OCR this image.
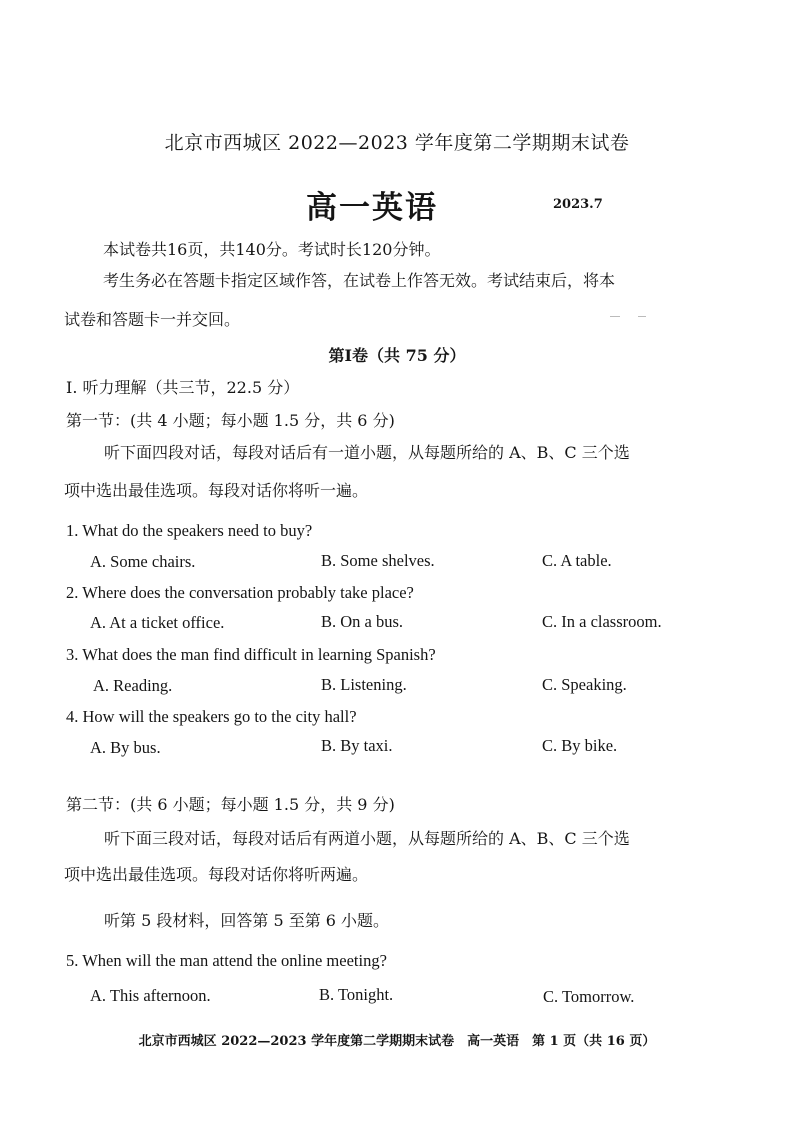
北京市西城区 2022—2023 学年度第二学期期末试卷
高一英语	2023.7
本试卷共16页，共140分。考试时长120分钟。
考生务必在答题卡指定区域作答，在试卷上作答无效。考试结束后，将本
试卷和答题卡一并交回。
第Ⅰ卷（共 75 分）
I. 听力理解（共三节，22.5 分）
第一节：(共 4 小题；每小题 1.5 分，共 6 分)
听下面四段对话，每段对话后有一道小题，从每题所给的 A、B、C 三个选
项中选出最佳选项。每段对话你将听一遍。
1. What do the speakers need to buy?
A. Some chairs.	B. Some shelves.	C. A table.
2. Where does the conversation probably take place?
A. At a ticket office.	B. On a bus.	C. In a classroom.
3. What does the man find difficult in learning Spanish?
A. Reading.	B. Listening.	C. Speaking.
4. How will the speakers go to the city hall?
A. By bus.	B. By taxi.	C. By bike.
第二节：(共 6 小题；每小题 1.5 分，共 9 分)
听下面三段对话，每段对话后有两道小题，从每题所给的 A、B、C 三个选
项中选出最佳选项。每段对话你将听两遍。
听第 5 段材料，回答第 5 至第 6 小题。
5. When will the man attend the online meeting?
A. This afternoon.	B. Tonight.	C. Tomorrow.
北京市西城区 2022—2023 学年度第二学期期末试卷　高一英语　第 1 页（共 16 页）
